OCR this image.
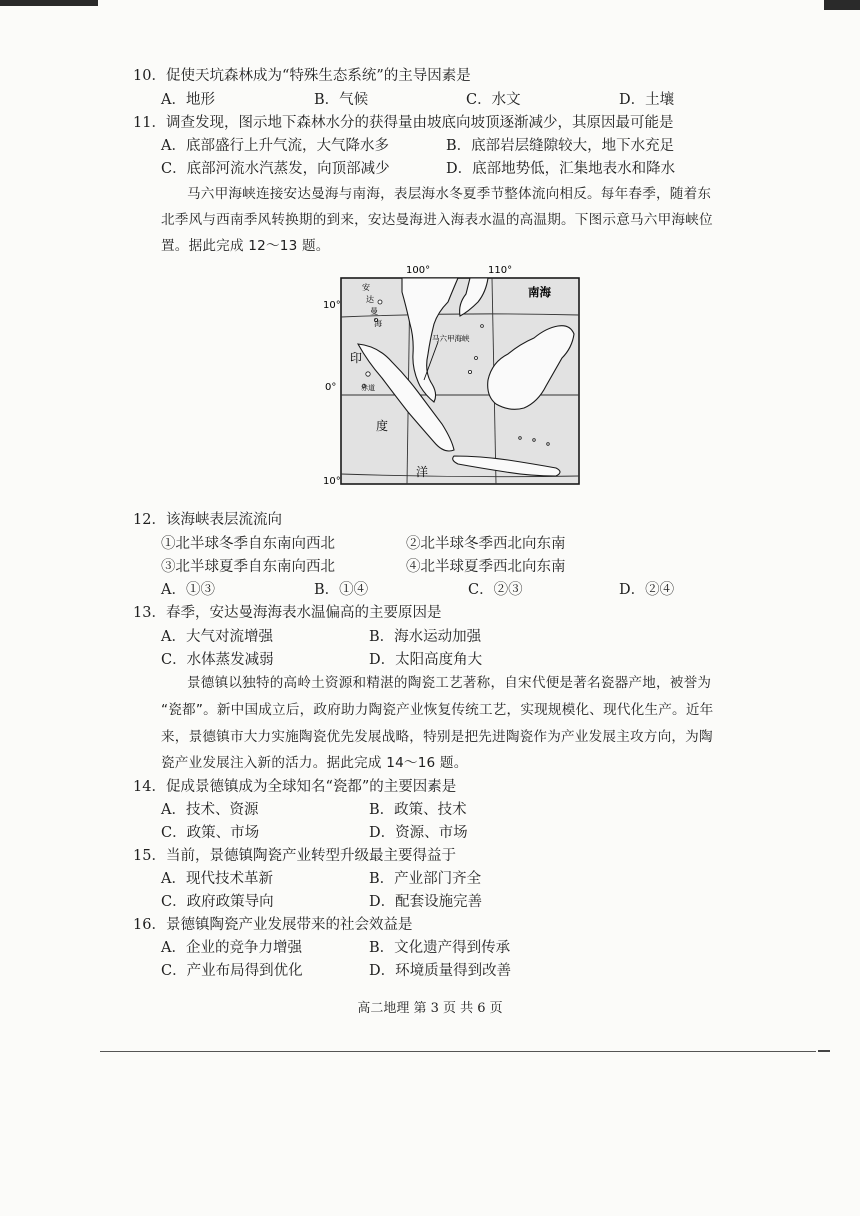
10．促使天坑森林成为“特殊生态系统”的主导因素是
A．地形	B．气候	C．水文	D．土壤
11．调查发现，图示地下森林水分的获得量由坡底向坡顶逐渐减少，其原因最可能是
A．底部盛行上升气流，大气降水多	B．底部岩层缝隙较大，地下水充足
C．底部河流水汽蒸发，向顶部减少	D．底部地势低，汇集地表水和降水
马六甲海峡连接安达曼海与南海，表层海水冬夏季节整体流向相反。每年春季，随着东
北季风与西南季风转换期的到来，安达曼海进入海表水温的高温期。下图示意马六甲海峡位
置。据此完成 12～13 题。
100°	110°
10°
0°
10°
南海
安
达
曼
海
马六甲海峡
印
赤道
度
洋
12．该海峡表层流流向
①北半球冬季自东南向西北	②北半球冬季西北向东南
③北半球夏季自东南向西北	④北半球夏季西北向东南
A．①③	B．①④	C．②③	D．②④
13．春季，安达曼海海表水温偏高的主要原因是
A．大气对流增强	B．海水运动加强
C．水体蒸发减弱	D．太阳高度角大
景德镇以独特的高岭土资源和精湛的陶瓷工艺著称，自宋代便是著名瓷器产地，被誉为
“瓷都”。新中国成立后，政府助力陶瓷产业恢复传统工艺，实现规模化、现代化生产。近年
来，景德镇市大力实施陶瓷优先发展战略，特别是把先进陶瓷作为产业发展主攻方向，为陶
瓷产业发展注入新的活力。据此完成 14～16 题。
14．促成景德镇成为全球知名“瓷都”的主要因素是
A．技术、资源	B．政策、技术
C．政策、市场	D．资源、市场
15．当前，景德镇陶瓷产业转型升级最主要得益于
A．现代技术革新	B．产业部门齐全
C．政府政策导向	D．配套设施完善
16．景德镇陶瓷产业发展带来的社会效益是
A．企业的竞争力增强	B．文化遗产得到传承
C．产业布局得到优化	D．环境质量得到改善
高二地理 第 3 页 共 6 页
